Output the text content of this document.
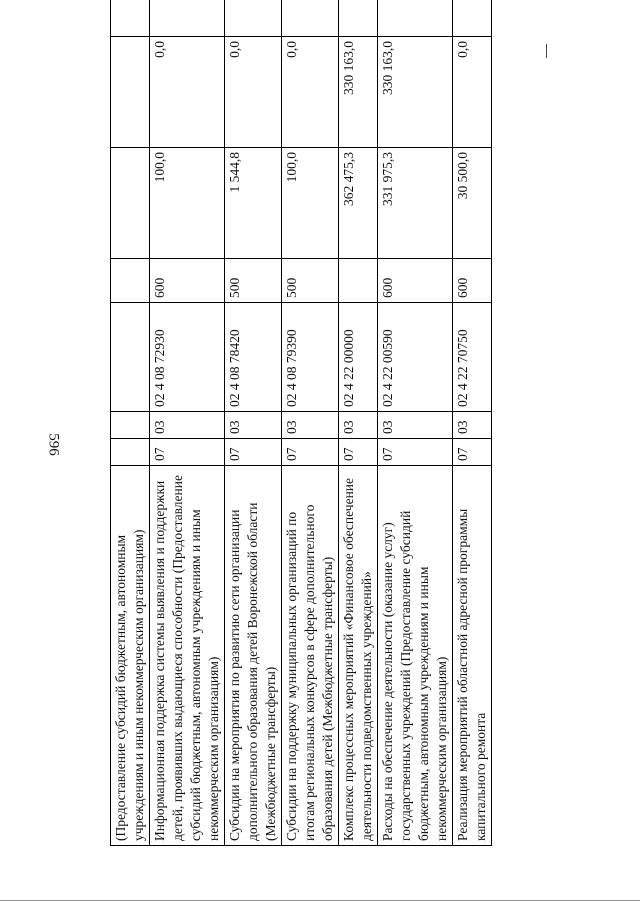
596
(Предоставление субсидий бюджетным, автономным учреждениям и иным некоммерческим организациям)							
Информационная поддержка системы выявления и поддержки детей, проявивших выдающиеся способности (Предоставление субсидий бюджетным, автономным учреждениям и иным некоммерческим организациям)	07	03	02 4 08 72930	600	100,0	0,0	
Субсидии на мероприятия по развитию сети организации дополнительного образования детей Воронежской области (Межбюджетные трансферты)	07	03	02 4 08 78420	500	1 544,8	0,0	
Субсидии на поддержку муниципальных организаций по итогам региональных конкурсов в сфере дополнительного образования детей (Межбюджетные трансферты)	07	03	02 4 08 79390	500	100,0	0,0	
Комплекс процессных мероприятий «Финансовое обеспечение деятельности подведомственных учреждений»	07	03	02 4 22 00000		362 475,3	330 163,0	
Расходы на обеспечение деятельности (оказание услуг) государственных учреждений (Предоставление субсидий бюджетным, автономным учреждениям и иным некоммерческим организациям)	07	03	02 4 22 00590	600	331 975,3	330 163,0	
Реализация мероприятий областной адресной программы капитального ремонта	07	03	02 4 22 70750	600	30 500,0	0,0	
